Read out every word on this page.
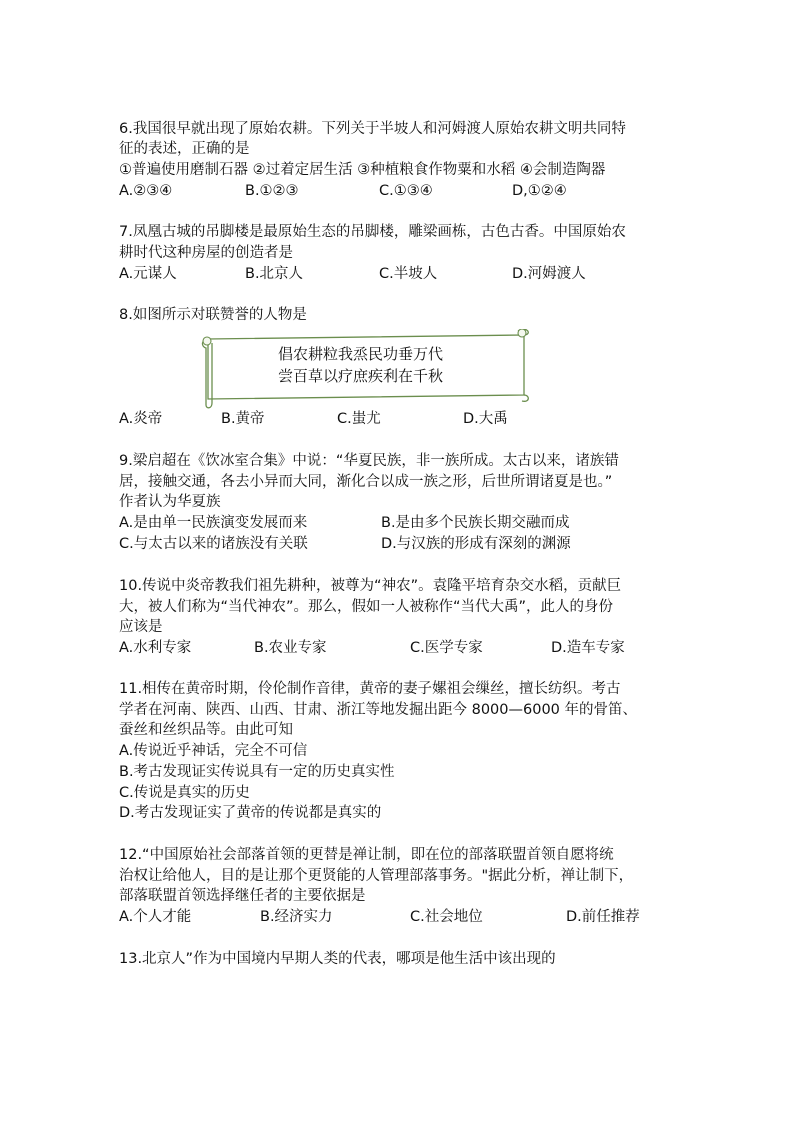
6.我国很早就出现了原始农耕。下列关于半坡人和河姆渡人原始农耕文明共同特
征的表述，正确的是
①普遍使用磨制石器 ②过着定居生活 ③种植粮食作物粟和水稻 ④会制造陶器
A.②③④	B.①②③	C.①③④	D,①②④
7.凤凰古城的吊脚楼是最原始生态的吊脚楼，雕梁画栋，古色古香。中国原始农
耕时代这种房屋的创造者是
A.元谋人	B.北京人	C.半坡人	D.河姆渡人
8.如图所示对联赞誉的人物是
倡农耕粒我烝民功垂万代
尝百草以疗庶疾利在千秋
A.炎帝	B.黄帝	C.蚩尤	D.大禹
9.梁启超在《饮冰室合集》中说：“华夏民族，非一族所成。太古以来，诸族错
居，接触交通，各去小异而大同，渐化合以成一族之形，后世所谓诸夏是也。”
作者认为华夏族
A.是由单一民族演变发展而来	B.是由多个民族长期交融而成
C.与太古以来的诸族没有关联	D.与汉族的形成有深刻的渊源
10.传说中炎帝教我们祖先耕种，被尊为“神农”。袁隆平培育杂交水稻，贡献巨
大，被人们称为“当代神农”。那么，假如一人被称作“当代大禹”，此人的身份
应该是
A.水利专家	B.农业专家	C.医学专家	D.造车专家
11.相传在黄帝时期，伶伦制作音律，黄帝的妻子嫘祖会缫丝，擅长纺织。考古
学者在河南、陕西、山西、甘肃、浙江等地发掘出距今 8000—6000 年的骨笛、
蚕丝和丝织品等。由此可知
A.传说近乎神话，完全不可信
B.考古发现证实传说具有一定的历史真实性
C.传说是真实的历史
D.考古发现证实了黄帝的传说都是真实的
12.“中国原始社会部落首领的更替是禅让制，即在位的部落联盟首领自愿将统
治权让给他人，目的是让那个更贤能的人管理部落事务。"据此分析，禅让制下，
部落联盟首领选择继任者的主要依据是
A.个人才能	B.经济实力	C.社会地位	D.前任推荐
13.北京人”作为中国境内早期人类的代表，哪项是他生活中该出现的
